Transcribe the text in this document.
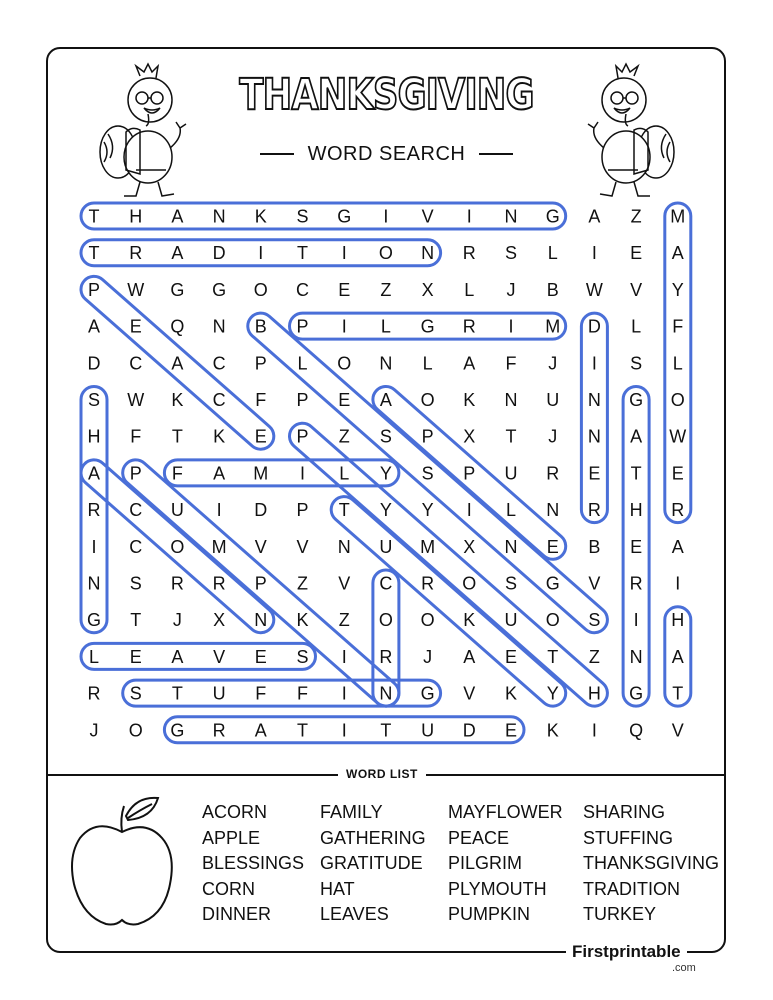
THANKSGIVING
WORD SEARCH
T H A N K S G I V I N G A Z M
T R A D I T I O N R S L I E A
P W G G O C E Z X L J B W V Y
A E Q N B P I L G R I M D L F
D C A C P L O N L A F J I S L
S W K C F P E A O K N U N G O
H F T K E P Z S P X T J N A W
A P F A M I L Y S P U R E T E
R C U I D P T Y Y I L N R H R
I C O M V V N U M X N E B E A
N S R R P Z V C R O S G V R I
G T J X N K Z O O K U O S I H
L E A V E S I R J A E T Z N A
R S T U F F I N G V K Y H G T
J O G R A T I T U D E K I Q V
WORD LIST
ACORN
APPLE
BLESSINGS
CORN
DINNER
FAMILY
GATHERING
GRATITUDE
HAT
LEAVES
MAYFLOWER
PEACE
PILGRIM
PLYMOUTH
PUMPKIN
SHARING
STUFFING
THANKSGIVING
TRADITION
TURKEY
Firstprintable
.com
